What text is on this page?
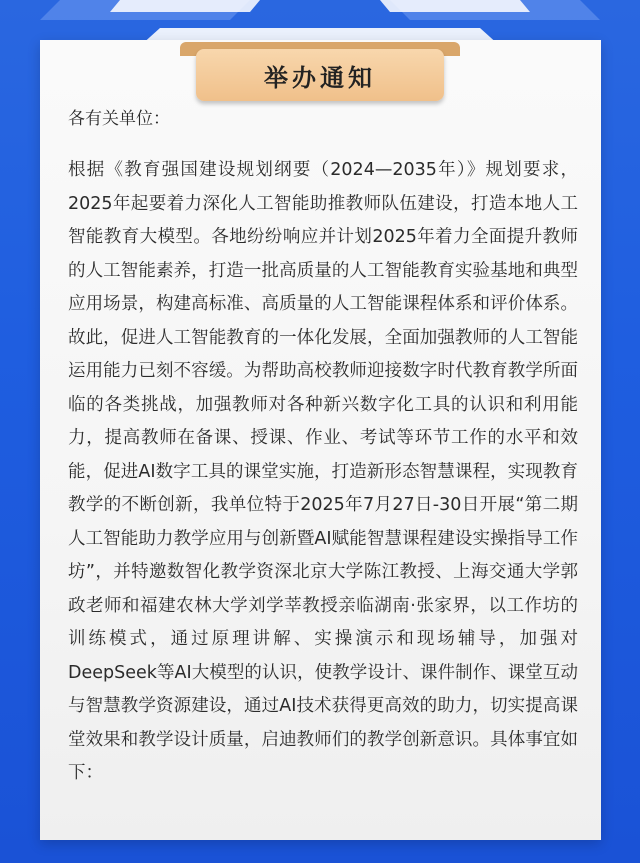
举办通知
各有关单位：
根据《教育强国建设规划纲要（2024—2035年）》规划要求，2025年起要着力深化人工智能助推教师队伍建设，打造本地人工智能教育大模型。各地纷纷响应并计划2025年着力全面提升教师的人工智能素养，打造一批高质量的人工智能教育实验基地和典型应用场景，构建高标准、高质量的人工智能课程体系和评价体系。故此，促进人工智能教育的一体化发展，全面加强教师的人工智能运用能力已刻不容缓。为帮助高校教师迎接数字时代教育教学所面临的各类挑战，加强教师对各种新兴数字化工具的认识和利用能力，提高教师在备课、授课、作业、考试等环节工作的水平和效能，促进AI数字工具的课堂实施，打造新形态智慧课程，实现教育教学的不断创新，我单位特于2025年7月27日-30日开展“第二期人工智能助力教学应用与创新暨AI赋能智慧课程建设实操指导工作坊”，并特邀数智化教学资深北京大学陈江教授、上海交通大学郭政老师和福建农林大学刘学莘教授亲临湖南·张家界，以工作坊的训练模式，通过原理讲解、实操演示和现场辅导，加强对DeepSeek等AI大模型的认识，使教学设计、课件制作、课堂互动与智慧教学资源建设，通过AI技术获得更高效的助力，切实提高课堂效果和教学设计质量，启迪教师们的教学创新意识。具体事宜如下：
